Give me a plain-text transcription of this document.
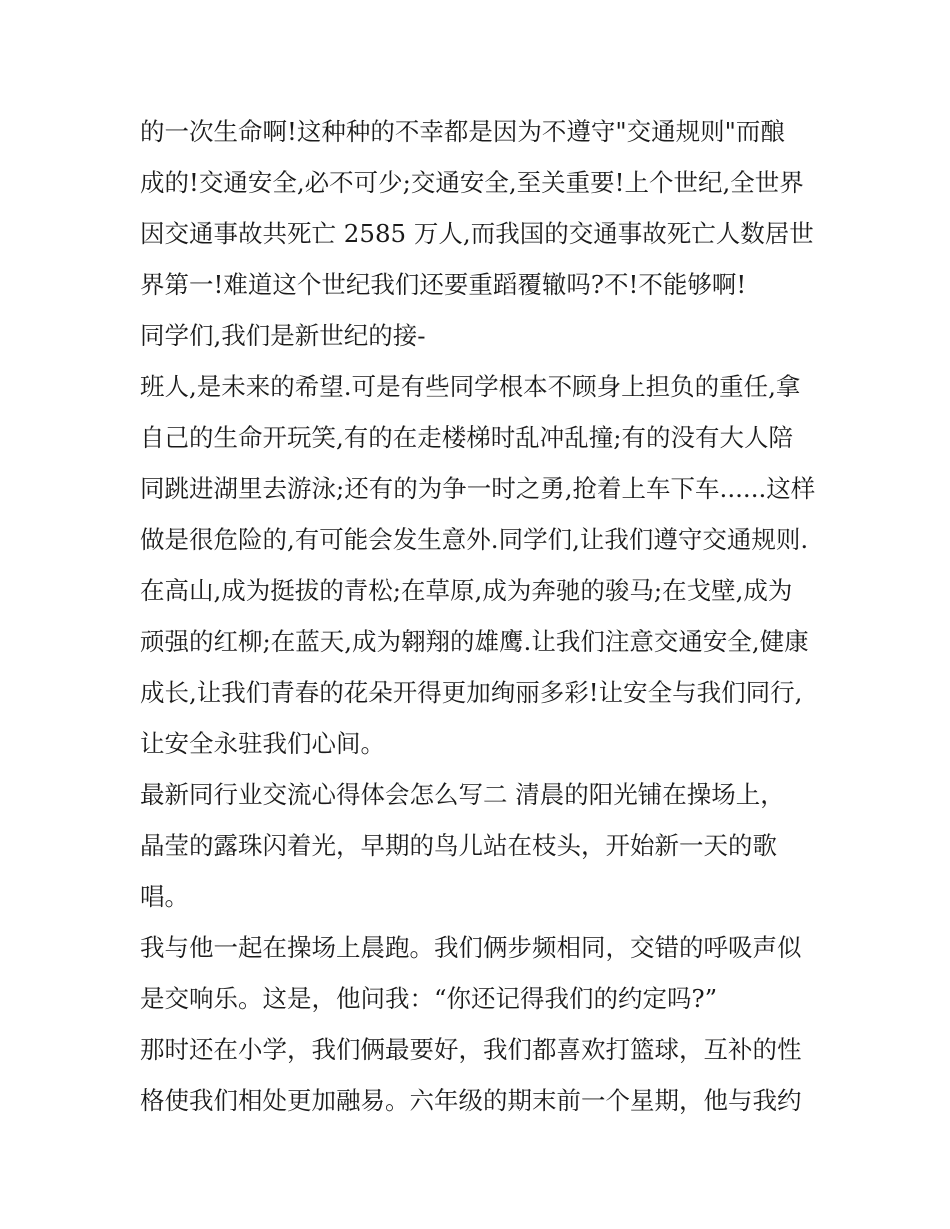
的一次生命啊!这种种的不幸都是因为不遵守"交通规则"而酿
成的!交通安全,必不可少;交通安全,至关重要!上个世纪,全世界
因交通事故共死亡 2585 万人,而我国的交通事故死亡人数居世
界第一!难道这个世纪我们还要重蹈覆辙吗?不!不能够啊!
同学们,我们是新世纪的接-
班人,是未来的希望.可是有些同学根本不顾身上担负的重任,拿
自己的生命开玩笑,有的在走楼梯时乱冲乱撞;有的没有大人陪
同跳进湖里去游泳;还有的为争一时之勇,抢着上车下车......这样
做是很危险的,有可能会发生意外.同学们,让我们遵守交通规则.
在高山,成为挺拔的青松;在草原,成为奔驰的骏马;在戈壁,成为
顽强的红柳;在蓝天,成为翱翔的雄鹰.让我们注意交通安全,健康
成长,让我们青春的花朵开得更加绚丽多彩!让安全与我们同行,
让安全永驻我们心间。
最新同行业交流心得体会怎么写二 清晨的阳光铺在操场上，
晶莹的露珠闪着光，早期的鸟儿站在枝头，开始新一天的歌
唱。
我与他一起在操场上晨跑。我们俩步频相同，交错的呼吸声似
是交响乐。这是，他问我：“你还记得我们的约定吗?”
那时还在小学，我们俩最要好，我们都喜欢打篮球，互补的性
格使我们相处更加融易。六年级的期末前一个星期，他与我约
